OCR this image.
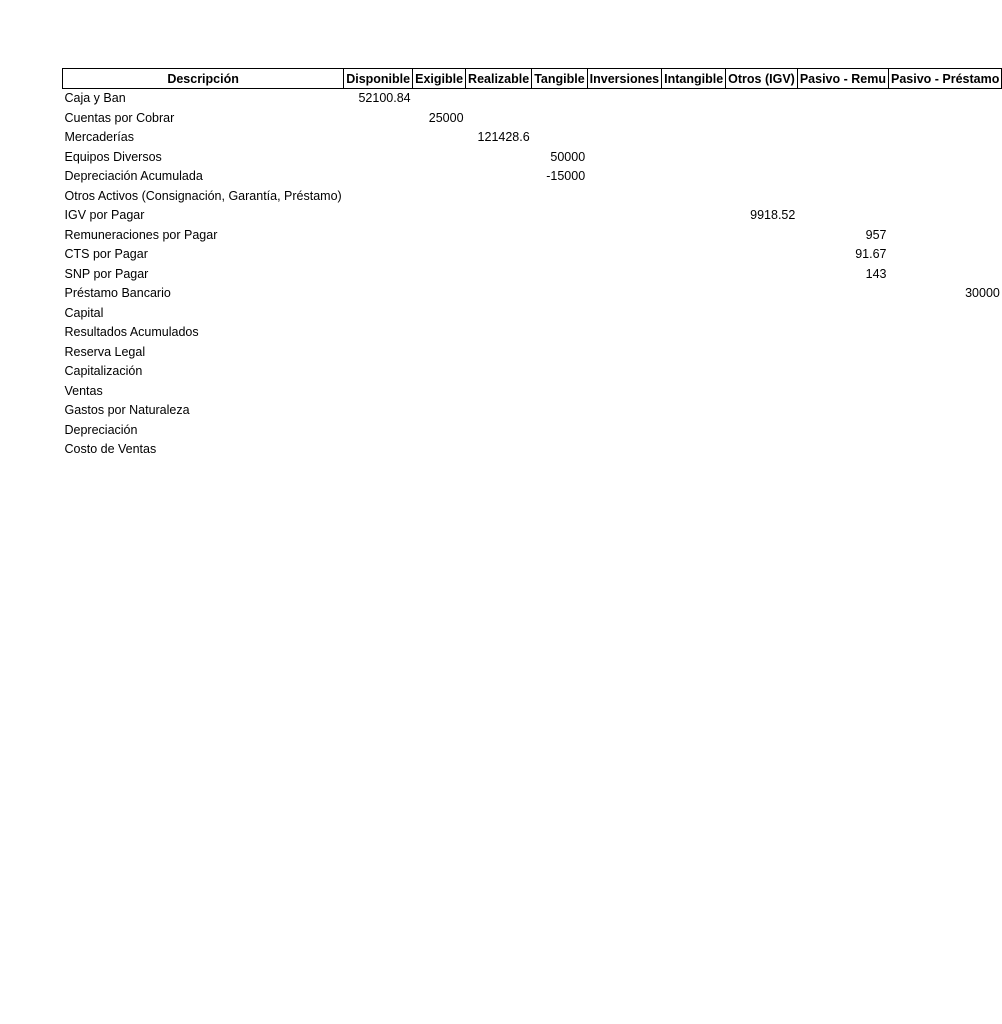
Descripción	Disponible	Exigible	Realizable	Tangible	Inversiones	Intangible	Otros (IGV)	Pasivo - Remu	Pasivo - Préstamo
Caja y Ban	52100.84								
Cuentas por Cobrar		25000							
Mercaderías			121428.6						
Equipos Diversos				50000					
Depreciación Acumulada				-15000					
Otros Activos (Consignación, Garantía, Préstamo)									
IGV por Pagar							9918.52		
Remuneraciones por Pagar								957	
CTS por Pagar								91.67	
SNP por Pagar								143	
Préstamo Bancario									30000
Capital									
Resultados Acumulados									
Reserva Legal									
Capitalización									
Ventas									
Gastos por Naturaleza									
Depreciación									
Costo de Ventas									
